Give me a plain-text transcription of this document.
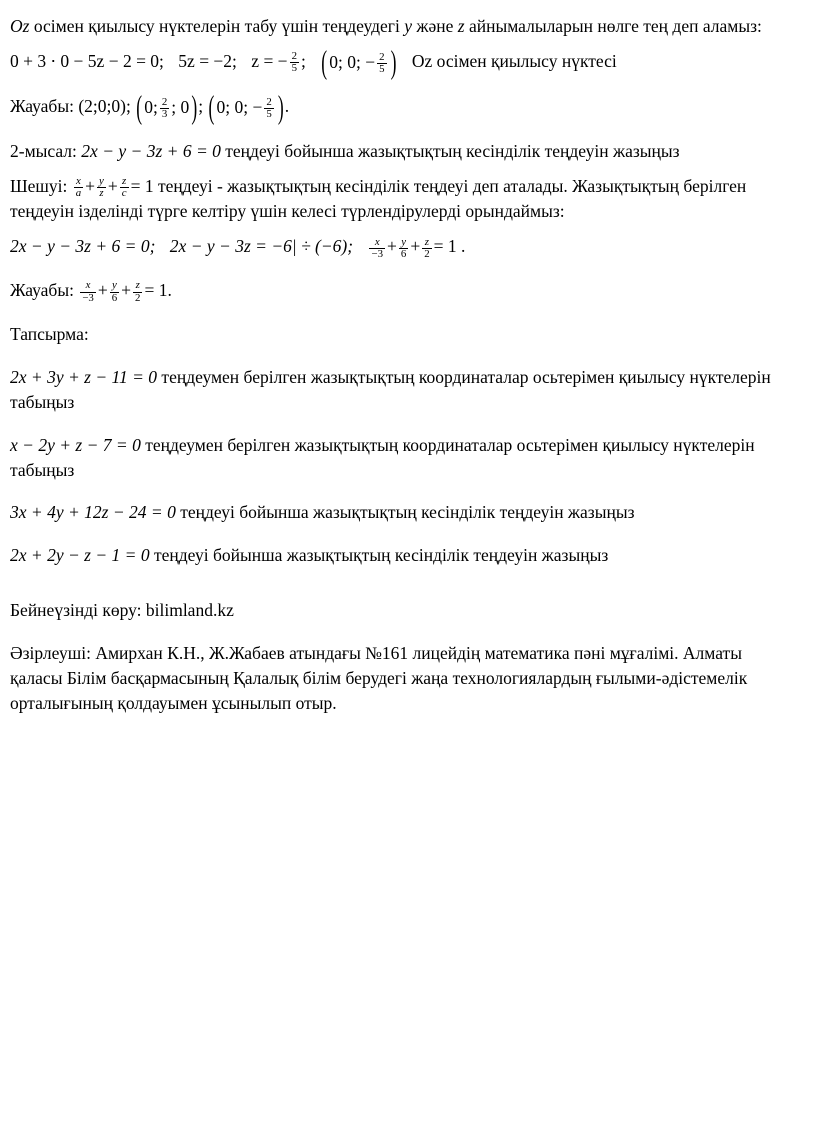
Oz осімен қиылысу нүктелерін табу үшін теңдеудегі y және z айнымалыларын нөлге тең деп аламыз:

0 + 3 ⋅ 0 − 5z − 2 = 0; 5z = −2; z = − $\frac{2}{5}$ ; ( 0; 0; − $\frac{2}{5}$
) Oz осімен қиылысу нүктесі

Жауабы: (2;0;0); ( 0; $\frac{2}{3}$ ; 0 ) ; ( 0; 0; − $\frac{2}{5}$
) .

2-мысал: 2x − y − 3z + 6 = 0 теңдеуі бойынша жазықтықтың кесінділік теңдеуін жазыңыз

Шешуі: $\frac{x}{a} + \frac{y}{z} + \frac{z}{c} = 1$ теңдеуі - жазықтықтың кесінділік теңдеуі деп аталады. Жазықтықтың берілген теңдеуін ізделінді түрге келтіру үшін келесі түрлендірулерді орындаймыз:

2x − y − 3z + 6 = 0; 2x − y − 3z = −6| ÷ (−6); $\frac{x}{-3} + \frac{y}{6} + \frac{z}{2} = 1$ .

Жауабы: $\frac{x}{-3} + \frac{y}{6} + \frac{z}{2} = 1$.

Тапсырма:

2x + 3y + z − 11 = 0 теңдеумен берілген жазықтықтың координаталар осьтерімен қиылысу нүктелерін табыңыз

x − 2y + z − 7 = 0 теңдеумен берілген жазықтықтың координаталар осьтерімен қиылысу нүктелерін табыңыз

3x + 4y + 12z − 24 = 0 теңдеуі бойынша жазықтықтың кесінділік теңдеуін жазыңыз

2x + 2y − z − 1 = 0 теңдеуі бойынша жазықтықтың кесінділік теңдеуін жазыңыз

Бейнеүзінді көру: bilimland.kz

Әзірлеуші: Амирхан К.Н., Ж.Жабаев атындағы №161 лицейдің математика пәні мұғалімі. Алматы қаласы Білім басқармасының Қалалық білім берудегі жаңа технологиялардың ғылыми-әдістемелік орталығының қолдауымен ұсынылып отыр.
